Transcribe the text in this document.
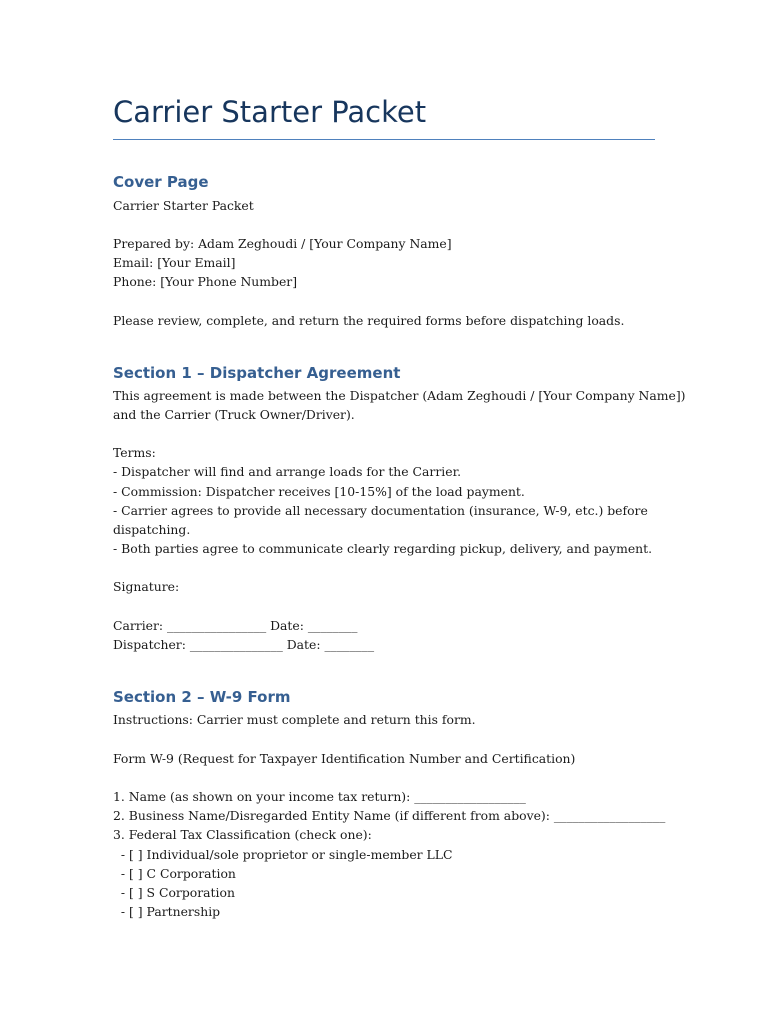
Carrier Starter Packet
Cover Page

Carrier Starter Packet

Prepared by: Adam Zeghoudi / [Your Company Name]

Email: [Your Email]

Phone: [Your Phone Number]

Please review, complete, and return the required forms before dispatching loads.

Section 1 – Dispatcher Agreement

This agreement is made between the Dispatcher (Adam Zeghoudi / [Your Company Name])

and the Carrier (Truck Owner/Driver).

Terms:

- Dispatcher will find and arrange loads for the Carrier.

- Commission: Dispatcher receives [10-15%] of the load payment.

- Carrier agrees to provide all necessary documentation (insurance, W-9, etc.) before

dispatching.

- Both parties agree to communicate clearly regarding pickup, delivery, and payment.

Signature:

Carrier: ________________ Date: ________

Dispatcher: _______________ Date: ________

Section 2 – W-9 Form

Instructions: Carrier must complete and return this form.

Form W-9 (Request for Taxpayer Identification Number and Certification)

1. Name (as shown on your income tax return): __________________

2. Business Name/Disregarded Entity Name (if different from above): __________________

3. Federal Tax Classification (check one):

- [ ] Individual/sole proprietor or single-member LLC

- [ ] C Corporation

- [ ] S Corporation

- [ ] Partnership
